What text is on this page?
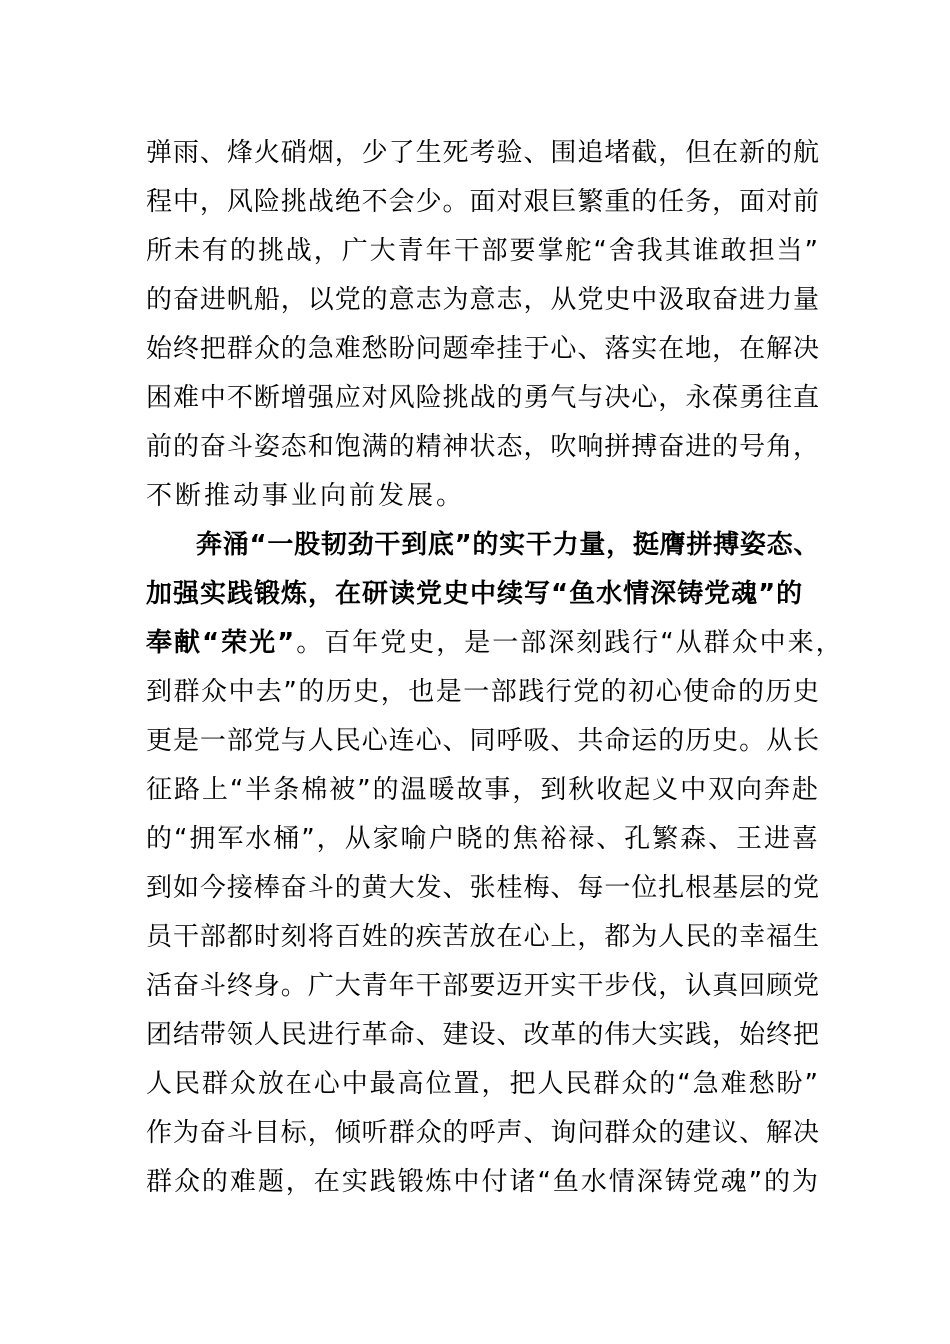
弹雨、烽火硝烟，少了生死考验、围追堵截，但在新的航
程中，风险挑战绝不会少。面对艰巨繁重的任务，面对前
所未有的挑战，广大青年干部要掌舵“舍我其谁敢担当”
的奋进帆船，以党的意志为意志，从党史中汲取奋进力量
始终把群众的急难愁盼问题牵挂于心、落实在地，在解决
困难中不断增强应对风险挑战的勇气与决心，永葆勇往直
前的奋斗姿态和饱满的精神状态，吹响拼搏奋进的号角，
不断推动事业向前发展。
奔涌“一股韧劲干到底”的实干力量，挺膺拼搏姿态、
加强实践锻炼，在研读党史中续写“鱼水情深铸党魂”的
奉献“荣光”。百年党史，是一部深刻践行“从群众中来，
到群众中去”的历史，也是一部践行党的初心使命的历史
更是一部党与人民心连心、同呼吸、共命运的历史。从长
征路上“半条棉被”的温暖故事，到秋收起义中双向奔赴
的“拥军水桶”，从家喻户晓的焦裕禄、孔繁森、王进喜
到如今接棒奋斗的黄大发、张桂梅、每一位扎根基层的党
员干部都时刻将百姓的疾苦放在心上，都为人民的幸福生
活奋斗终身。广大青年干部要迈开实干步伐，认真回顾党
团结带领人民进行革命、建设、改革的伟大实践，始终把
人民群众放在心中最高位置，把人民群众的“急难愁盼”
作为奋斗目标，倾听群众的呼声、询问群众的建议、解决
群众的难题，在实践锻炼中付诸“鱼水情深铸党魂”的为
